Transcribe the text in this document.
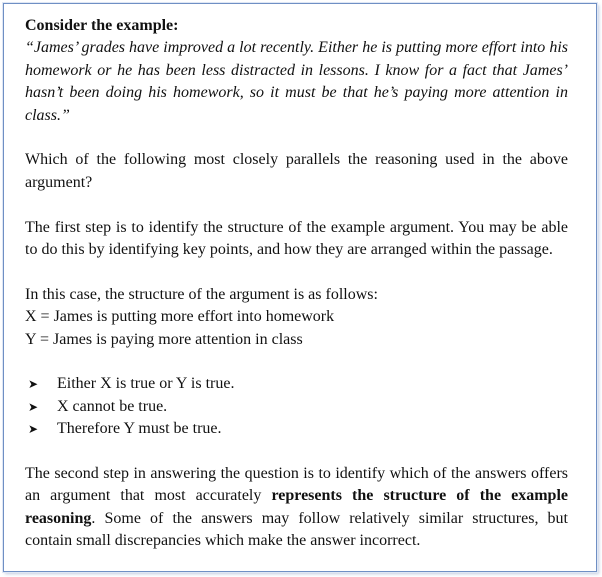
Consider the example:

“James’ grades have improved a lot recently. Either he is putting more effort into his homework or he has been less distracted in lessons. I know for a fact that James’ hasn’t been doing his homework, so it must be that he’s paying more attention in class.”

Which of the following most closely parallels the reasoning used in the above argument?

The first step is to identify the structure of the example argument. You may be able to do this by identifying key points, and how they are arranged within the passage.

In this case, the structure of the argument is as follows:

X = James is putting more effort into homework

Y = James is paying more attention in class

➤ Either X is true or Y is true.
➤ X cannot be true.
➤ Therefore Y must be true.

The second step in answering the question is to identify which of the answers offers an argument that most accurately represents the structure of the example reasoning. Some of the answers may follow relatively similar structures, but contain small discrepancies which make the answer incorrect.
